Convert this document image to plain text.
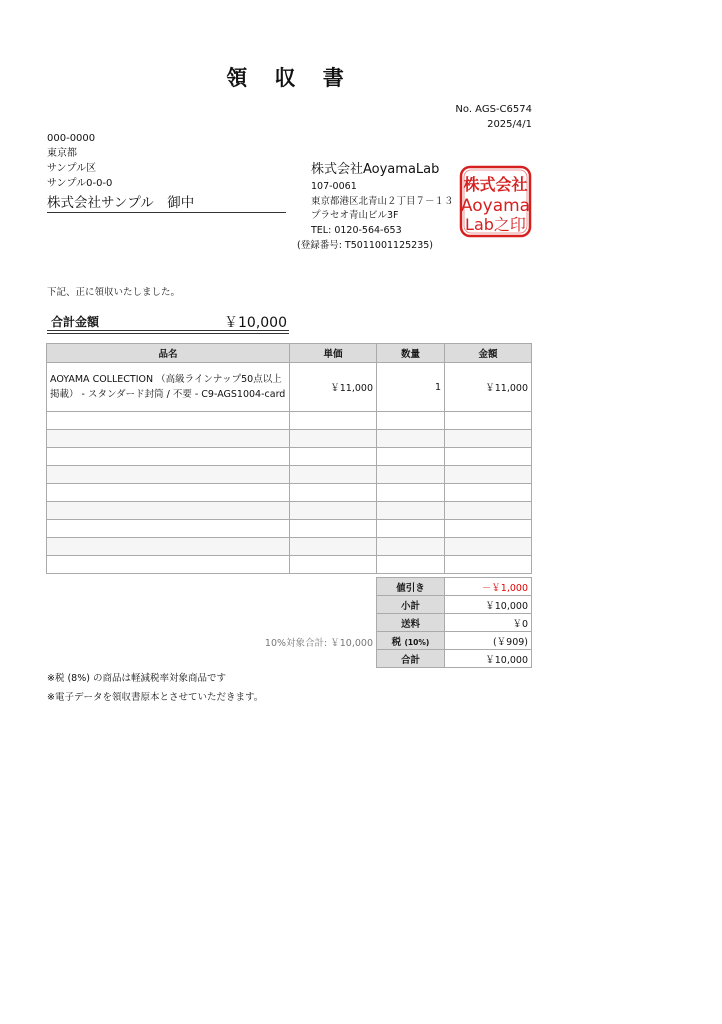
領 収 書
No. AGS-C6574
2025/4/1
000-0000
東京都
サンプル区
サンプル0-0-0
株式会社サンプル　御中
株式会社AoyamaLab
107-0061
東京都港区北青山２丁目７－１３
プラセオ青山ビル3F
TEL: 0120-564-653
(登録番号: T5011001125235)
株式会社
Aoyama
Lab之印
下記、正に領収いたしました。
合計金額	￥10,000
品名	単価	数量	金額
AOYAMA COLLECTION （高級ラインナップ50点以上掲載） - スタンダード封筒 / 不要 - C9-AGS1004-card	￥11,000	1	￥11,000

値引き	－￥1,000
小計	￥10,000
送料	￥0
税 (10%)	(￥909)
合計	￥10,000
10%対象合計: ￥10,000
※税 (8%) の商品は軽減税率対象商品です
※電子データを領収書原本とさせていただきます。
